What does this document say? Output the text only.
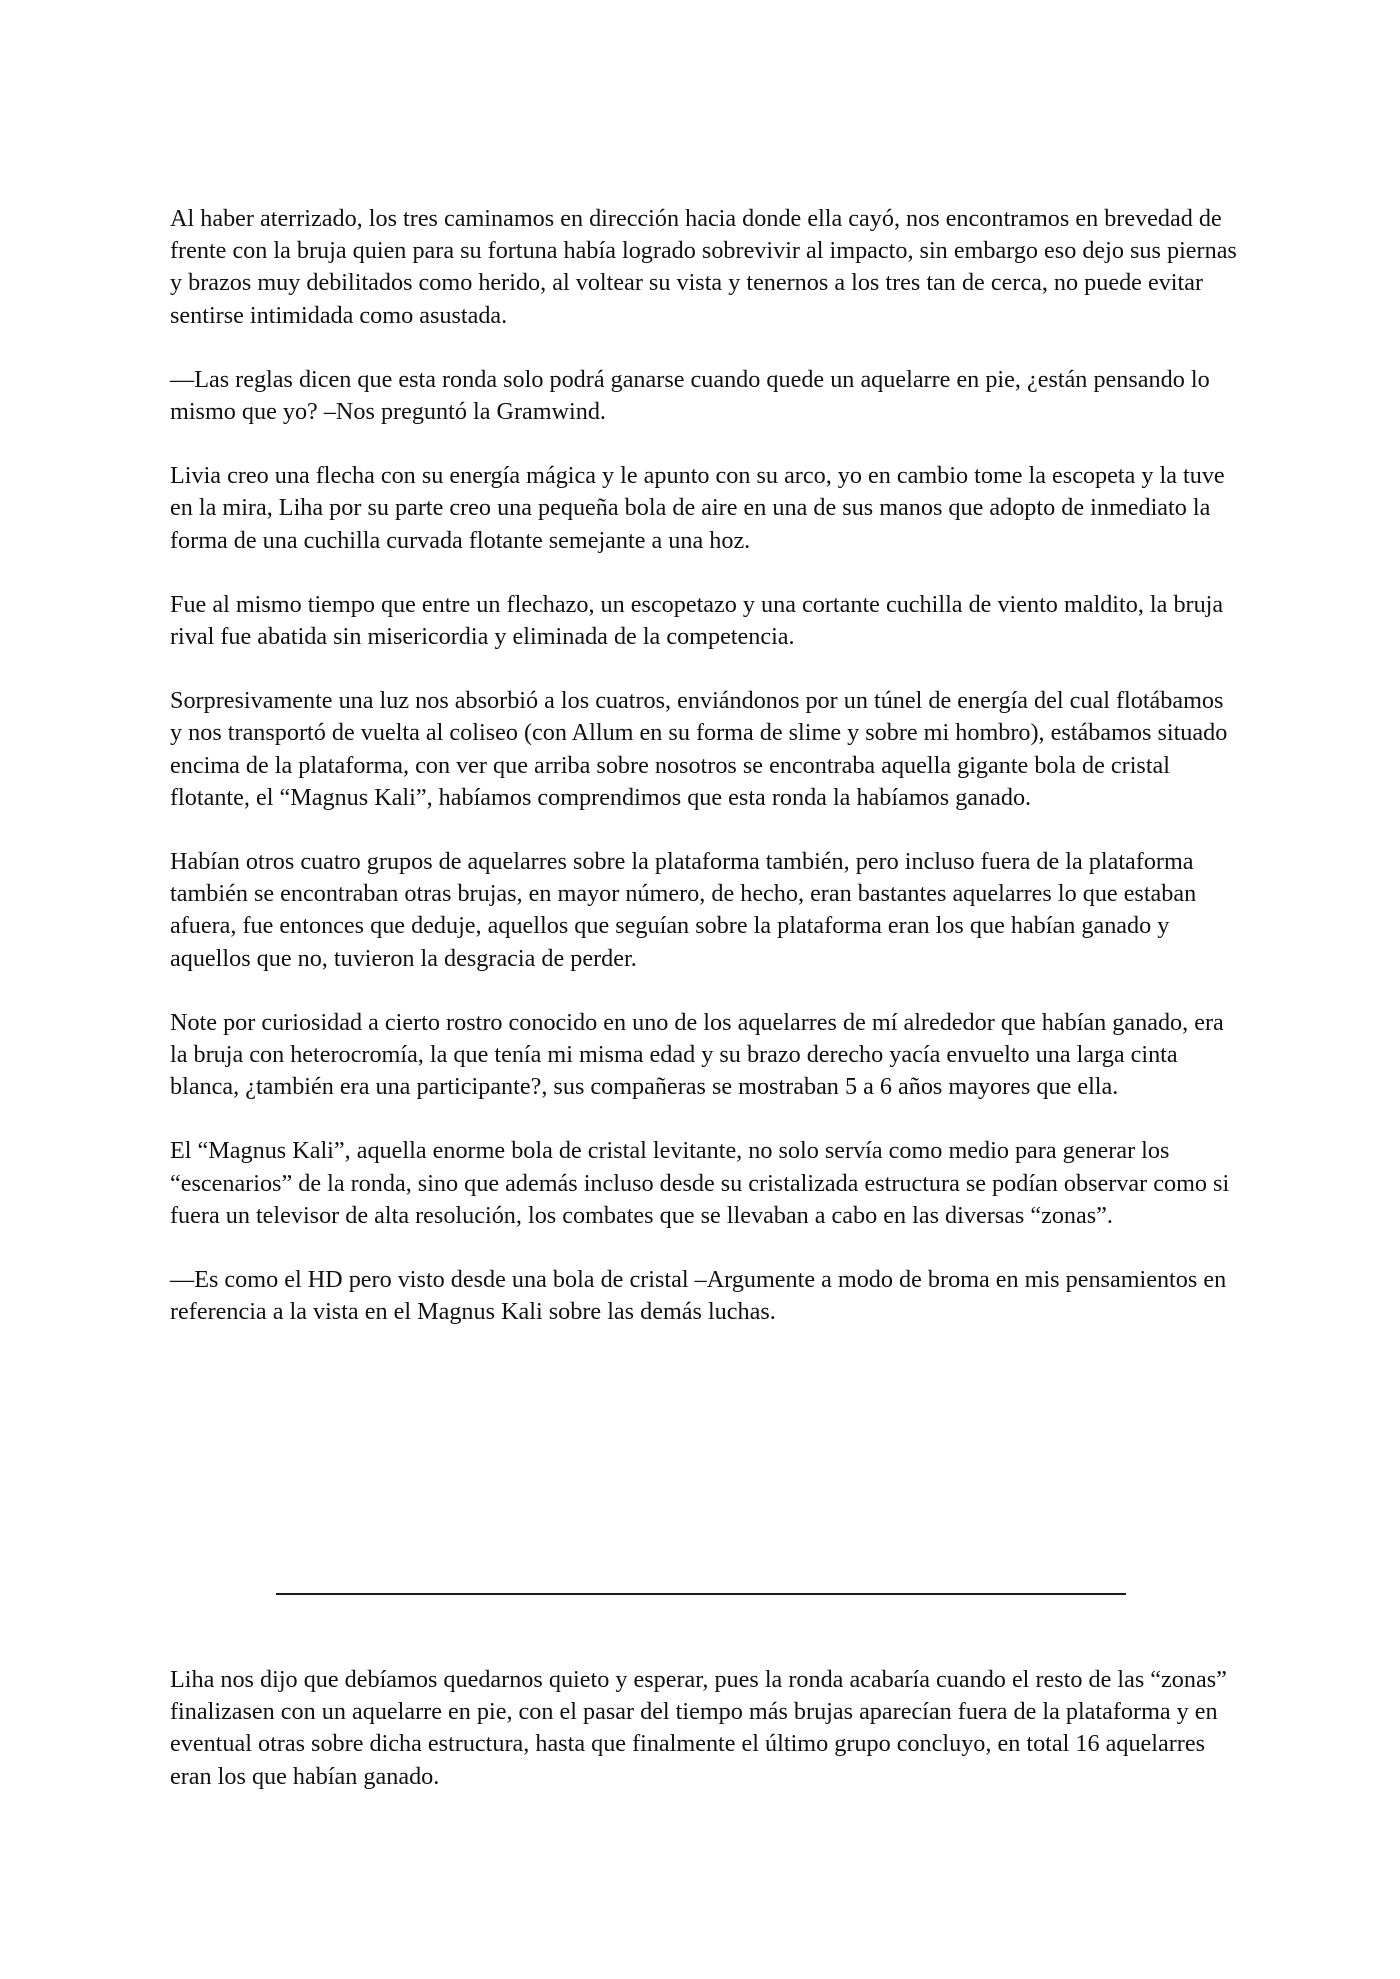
Al haber aterrizado, los tres caminamos en dirección hacia donde ella cayó, nos encontramos en brevedad de frente con la bruja quien para su fortuna había logrado sobrevivir al impacto, sin embargo eso dejo sus piernas y brazos muy debilitados como herido, al voltear su vista y tenernos a los tres tan de cerca, no puede evitar sentirse intimidada como asustada.

—Las reglas dicen que esta ronda solo podrá ganarse cuando quede un aquelarre en pie, ¿están pensando lo mismo que yo? –Nos preguntó la Gramwind.

Livia creo una flecha con su energía mágica y le apunto con su arco, yo en cambio tome la escopeta y la tuve en la mira, Liha por su parte creo una pequeña bola de aire en una de sus manos que adopto de inmediato la forma de una cuchilla curvada flotante semejante a una hoz.

Fue al mismo tiempo que entre un flechazo, un escopetazo y una cortante cuchilla de viento maldito, la bruja rival fue abatida sin misericordia y eliminada de la competencia.

Sorpresivamente una luz nos absorbió a los cuatros, enviándonos por un túnel de energía del cual flotábamos y nos transportó de vuelta al coliseo (con Allum en su forma de slime y sobre mi hombro), estábamos situado encima de la plataforma, con ver que arriba sobre nosotros se encontraba aquella gigante bola de cristal flotante, el “Magnus Kali”, habíamos comprendimos que esta ronda la habíamos ganado.

Habían otros cuatro grupos de aquelarres sobre la plataforma también, pero incluso fuera de la plataforma también se encontraban otras brujas, en mayor número, de hecho, eran bastantes aquelarres lo que estaban afuera, fue entonces que deduje, aquellos que seguían sobre la plataforma eran los que habían ganado y aquellos que no, tuvieron la desgracia de perder.

Note por curiosidad a cierto rostro conocido en uno de los aquelarres de mí alrededor que habían ganado, era la bruja con heterocromía, la que tenía mi misma edad y su brazo derecho yacía envuelto una larga cinta blanca, ¿también era una participante?, sus compañeras se mostraban 5 a 6 años mayores que ella.

El “Magnus Kali”, aquella enorme bola de cristal levitante, no solo servía como medio para generar los “escenarios” de la ronda, sino que además incluso desde su cristalizada estructura se podían observar como si fuera un televisor de alta resolución, los combates que se llevaban a cabo en las diversas “zonas”.

—Es como el HD pero visto desde una bola de cristal –Argumente a modo de broma en mis pensamientos en referencia a la vista en el Magnus Kali sobre las demás luchas.

Liha nos dijo que debíamos quedarnos quieto y esperar, pues la ronda acabaría cuando el resto de las “zonas” finalizasen con un aquelarre en pie, con el pasar del tiempo más brujas aparecían fuera de la plataforma y en eventual otras sobre dicha estructura, hasta que finalmente el último grupo concluyo, en total 16 aquelarres eran los que habían ganado.
